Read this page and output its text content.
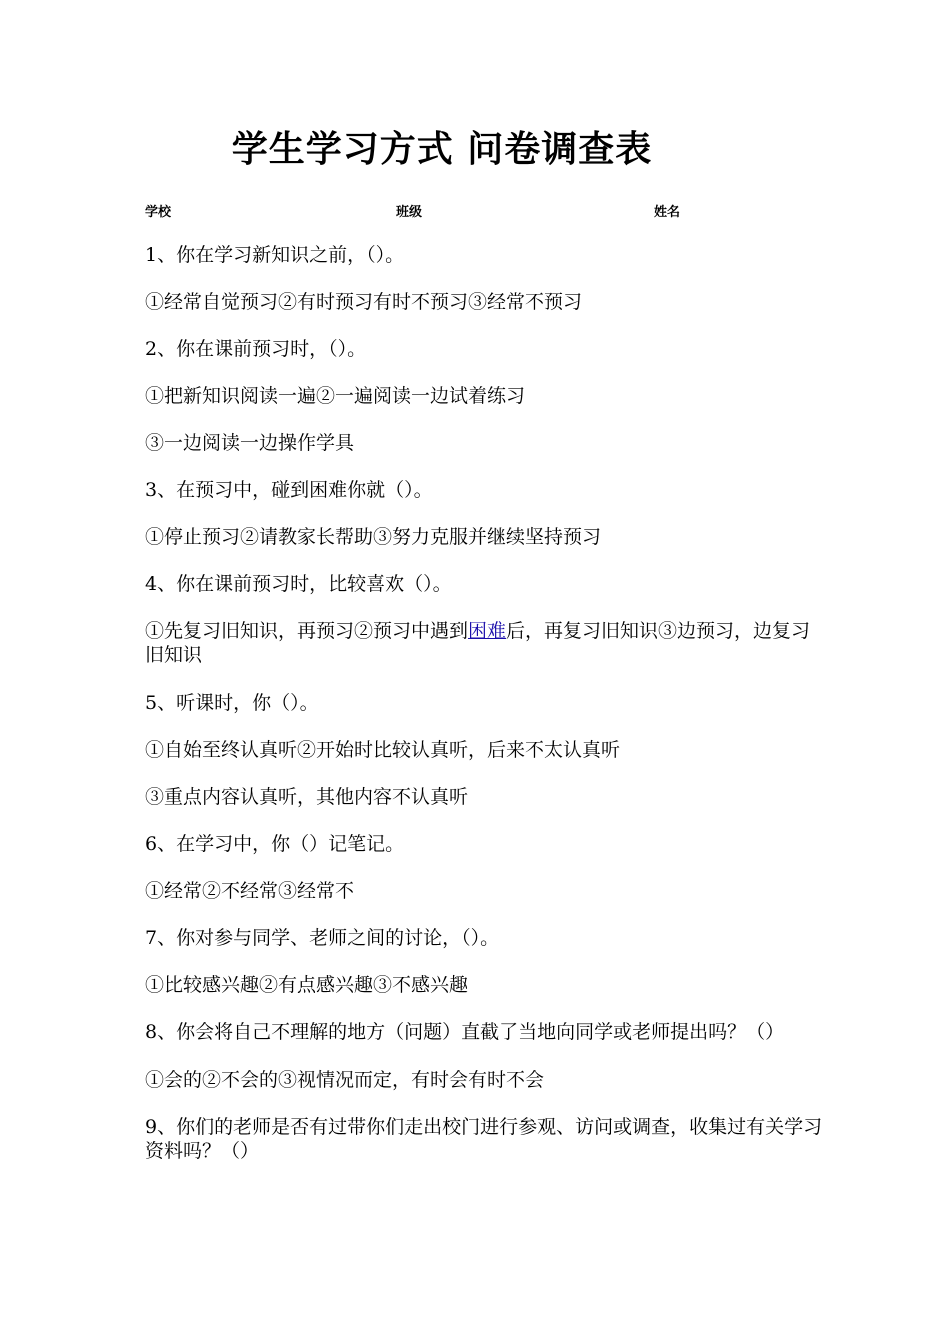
学生学习方式 问卷调查表
学校	班级	姓名

1、你在学习新知识之前，（）。

①经常自觉预习②有时预习有时不预习③经常不预习

2、你在课前预习时，（）。

①把新知识阅读一遍②一遍阅读一边试着练习

③一边阅读一边操作学具

3、在预习中，碰到困难你就（）。

①停止预习②请教家长帮助③努力克服并继续坚持预习

4、你在课前预习时，比较喜欢（）。

①先复习旧知识，再预习②预习中遇到困难后，再复习旧知识③边预习，边复习旧知识

5、听课时，你（）。

①自始至终认真听②开始时比较认真听，后来不太认真听

③重点内容认真听，其他内容不认真听

6、在学习中，你（）记笔记。

①经常②不经常③经常不

7、你对参与同学、老师之间的讨论，（）。

①比较感兴趣②有点感兴趣③不感兴趣

8、你会将自己不理解的地方（问题）直截了当地向同学或老师提出吗？（）

①会的②不会的③视情况而定，有时会有时不会

9、你们的老师是否有过带你们走出校门进行参观、访问或调查，收集过有关学习资料吗？（）
